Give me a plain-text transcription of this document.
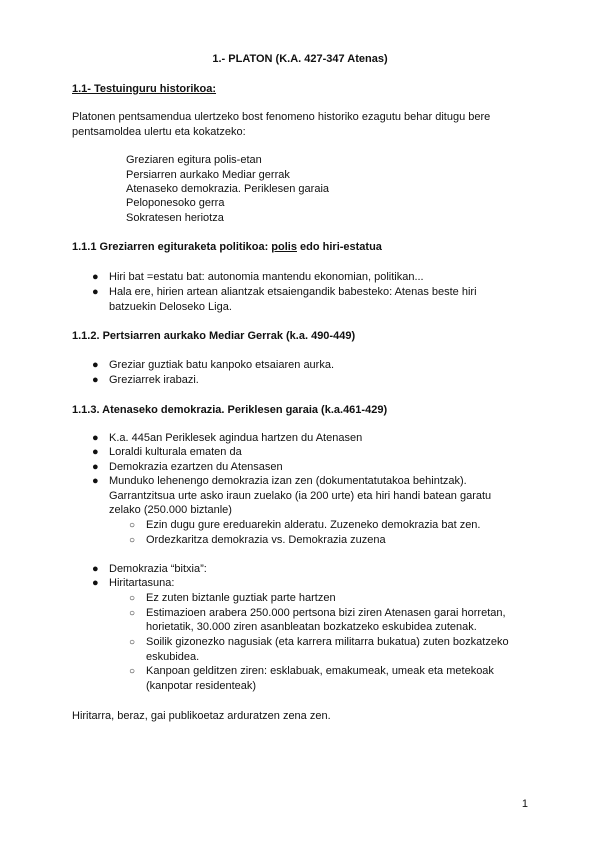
1.- PLATON (K.A. 427-347 Atenas)
1.1- Testuinguru historikoa:
Platonen pentsamendua ulertzeko bost fenomeno historiko ezagutu behar ditugu bere
pentsamoldea ulertu eta kokatzeko:
Greziaren egitura polis-etan
Persiarren aurkako Mediar gerrak
Atenaseko demokrazia. Periklesen garaia
Peloponesoko gerra
Sokratesen heriotza
1.1.1 Greziarren egituraketa politikoa: polis edo hiri-estatua
● Hiri bat =estatu bat: autonomia mantendu ekonomian, politikan...
● Hala ere, hirien artean aliantzak etsaiengandik babesteko: Atenas beste hiri
batzuekin Deloseko Liga.
1.1.2. Pertsiarren aurkako Mediar Gerrak (k.a. 490-449)
● Greziar guztiak batu kanpoko etsaiaren aurka.
● Greziarrek irabazi.
1.1.3. Atenaseko demokrazia. Periklesen garaia (k.a.461-429)
● K.a. 445an Periklesek agindua hartzen du Atenasen
● Loraldi kulturala ematen da
● Demokrazia ezartzen du Atensasen
● Munduko lehenengo demokrazia izan zen (dokumentatutakoa behintzak).
Garrantzitsua urte asko iraun zuelako (ia 200 urte) eta hiri handi batean garatu
zelako (250.000 biztanle)
○ Ezin dugu gure ereduarekin alderatu. Zuzeneko demokrazia bat zen.
○ Ordezkaritza demokrazia vs. Demokrazia zuzena
● Demokrazia “bitxia”:
● Hiritartasuna:
○ Ez zuten biztanle guztiak parte hartzen
○ Estimazioen arabera 250.000 pertsona bizi ziren Atenasen garai horretan,
horietatik, 30.000 ziren asanbleatan bozkatzeko eskubidea zutenak.
○ Soilik gizonezko nagusiak (eta karrera militarra bukatua) zuten bozkatzeko
eskubidea.
○ Kanpoan gelditzen ziren: esklabuak, emakumeak, umeak eta metekoak
(kanpotar residenteak)
Hiritarra, beraz, gai publikoetaz arduratzen zena zen.
1
